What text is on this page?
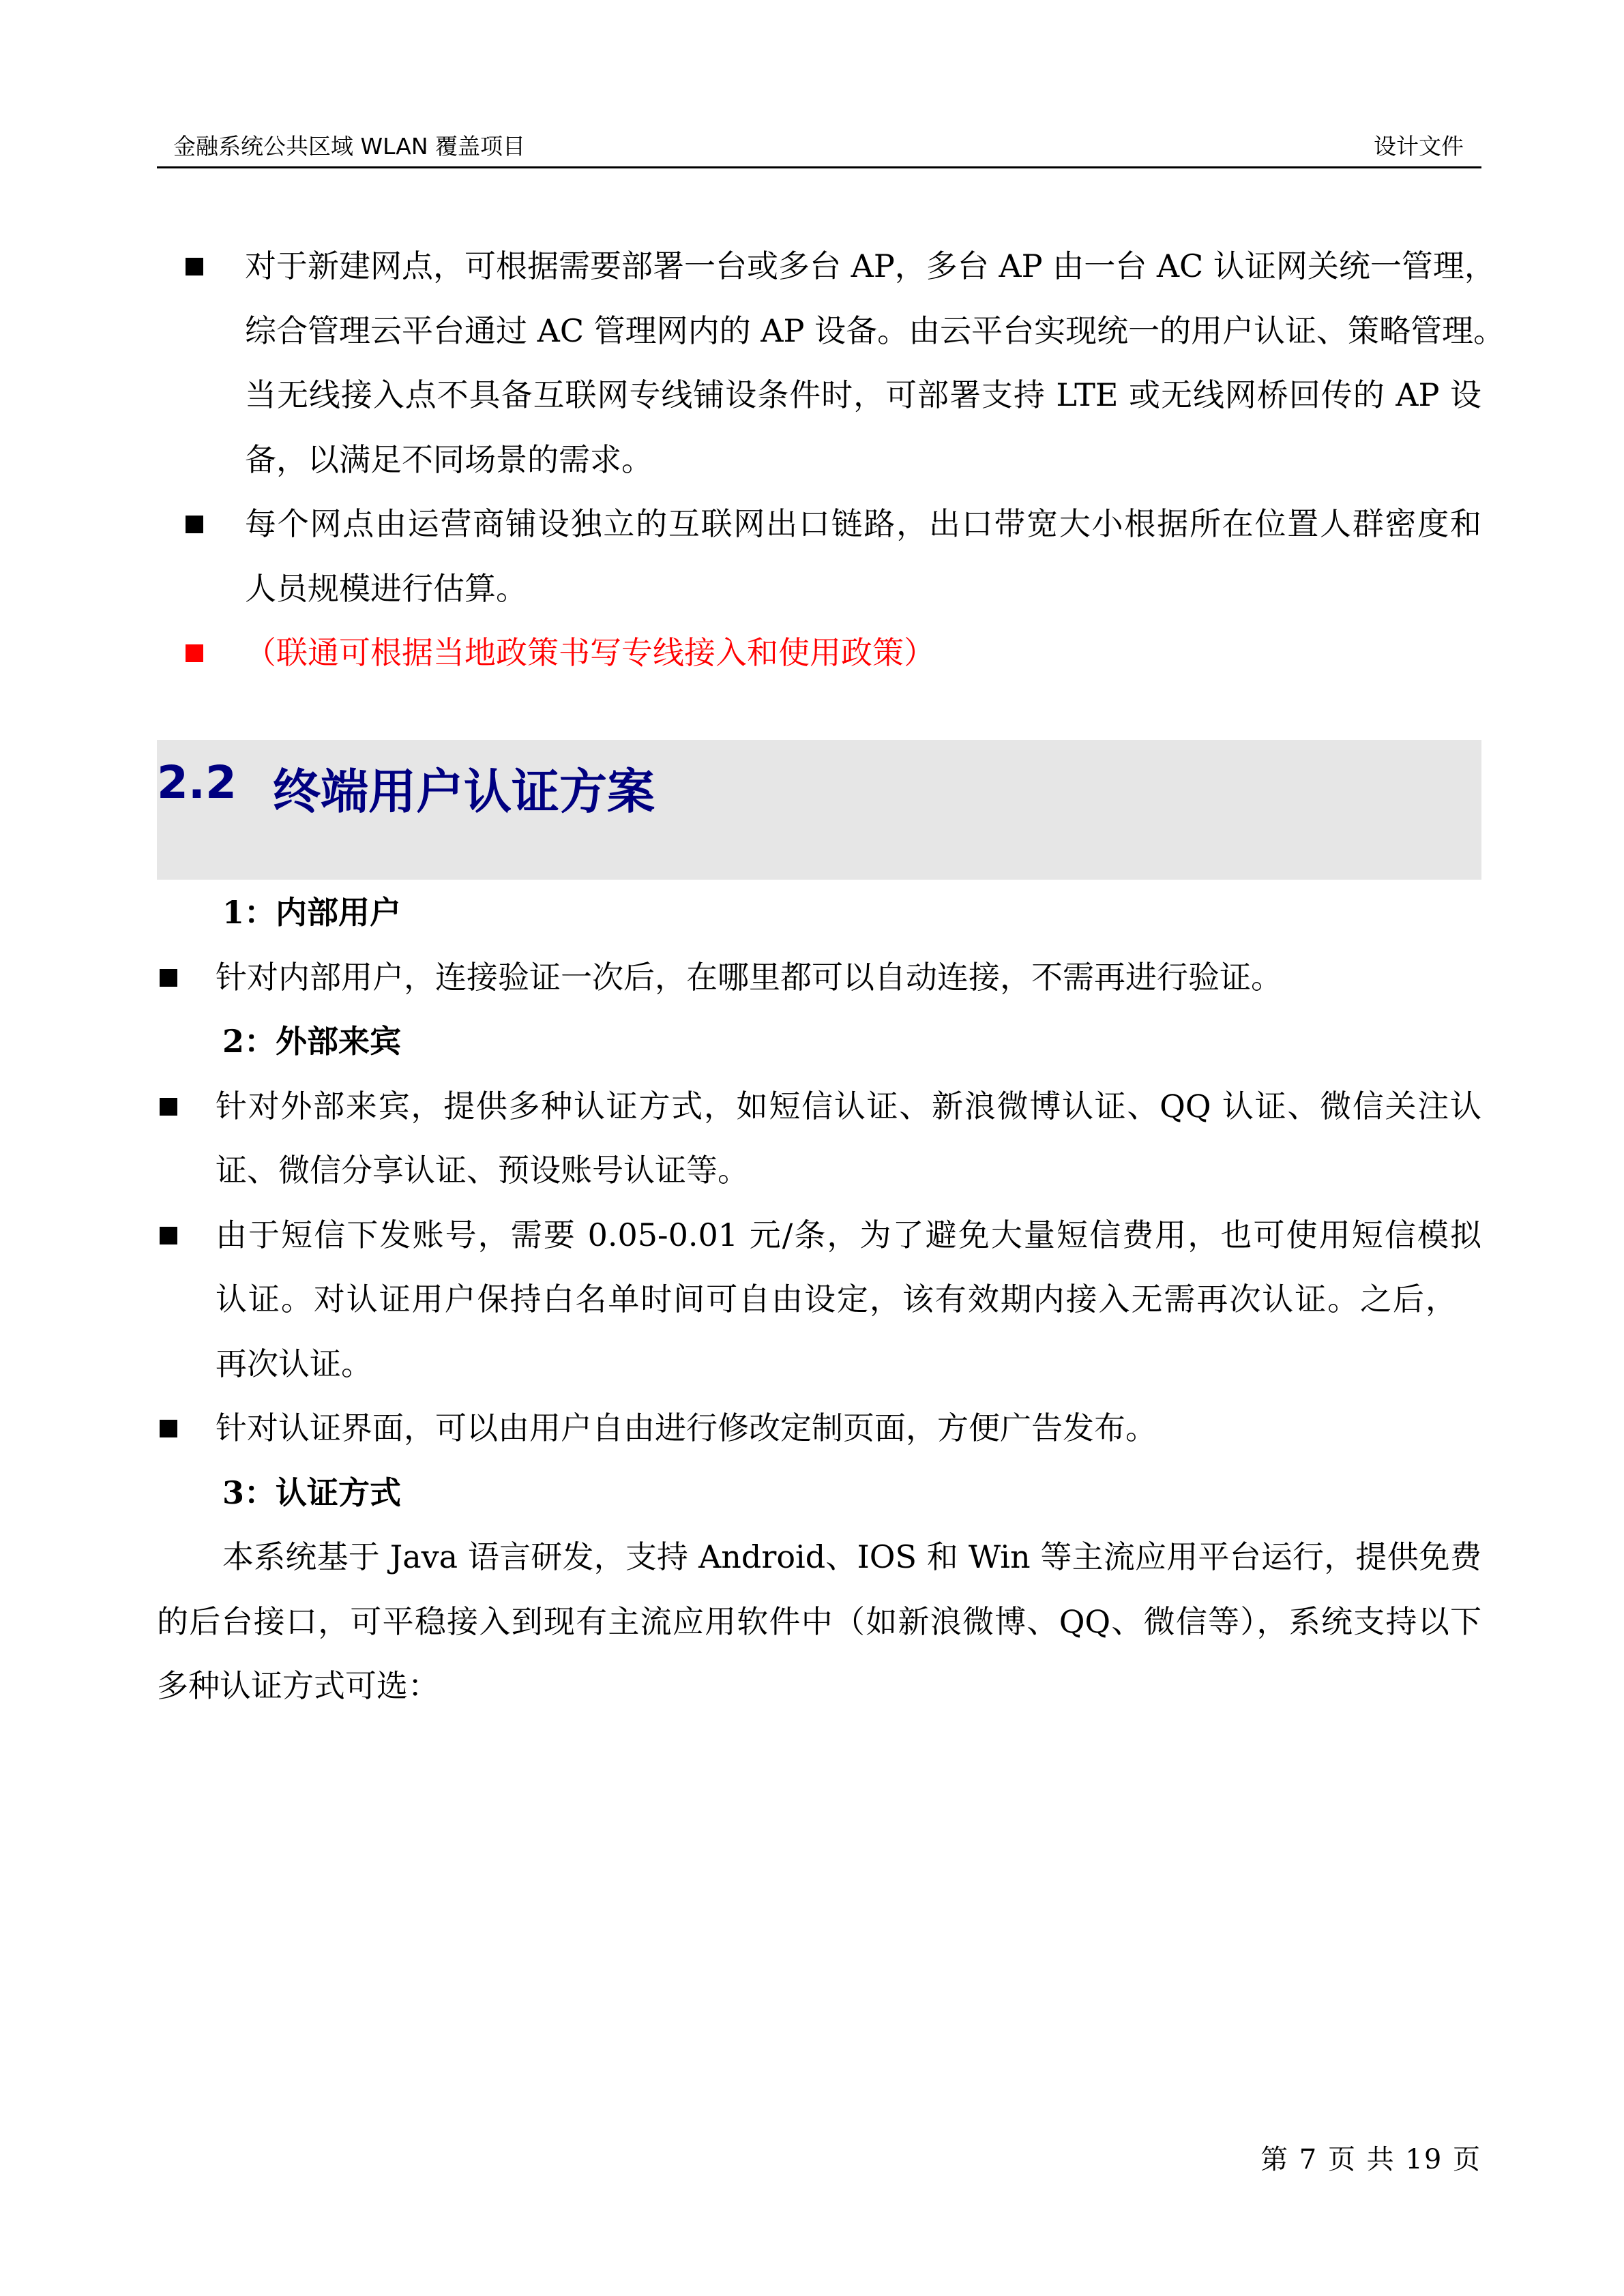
金融系统公共区域 WLAN 覆盖项目	设计文件
对于新建网点，可根据需要部署一台或多台 AP，多台 AP 由一台 AC 认证网关统一管理，
综合管理云平台通过 AC 管理网内的 AP 设备。由云平台实现统一的用户认证、策略管理。
当无线接入点不具备互联网专线铺设条件时，可部署支持 LTE 或无线网桥回传的 AP 设
备，以满足不同场景的需求。
每个网点由运营商铺设独立的互联网出口链路，出口带宽大小根据所在位置人群密度和
人员规模进行估算。
（联通可根据当地政策书写专线接入和使用政策）
2.2 终端用户认证方案
1：内部用户
针对内部用户，连接验证一次后，在哪里都可以自动连接，不需再进行验证。
2：外部来宾
针对外部来宾，提供多种认证方式，如短信认证、新浪微博认证、QQ 认证、微信关注认
证、微信分享认证、预设账号认证等。
由于短信下发账号，需要 0.05-0.01 元/条，为了避免大量短信费用，也可使用短信模拟
认证。对认证用户保持白名单时间可自由设定，该有效期内接入无需再次认证。之后，
再次认证。
针对认证界面，可以由用户自由进行修改定制页面，方便广告发布。
3：认证方式
本系统基于 Java 语言研发，支持 Android、IOS 和 Win 等主流应用平台运行，提供免费
的后台接口，可平稳接入到现有主流应用软件中（如新浪微博、QQ、微信等），系统支持以下
多种认证方式可选：
第 7 页 共 19 页
